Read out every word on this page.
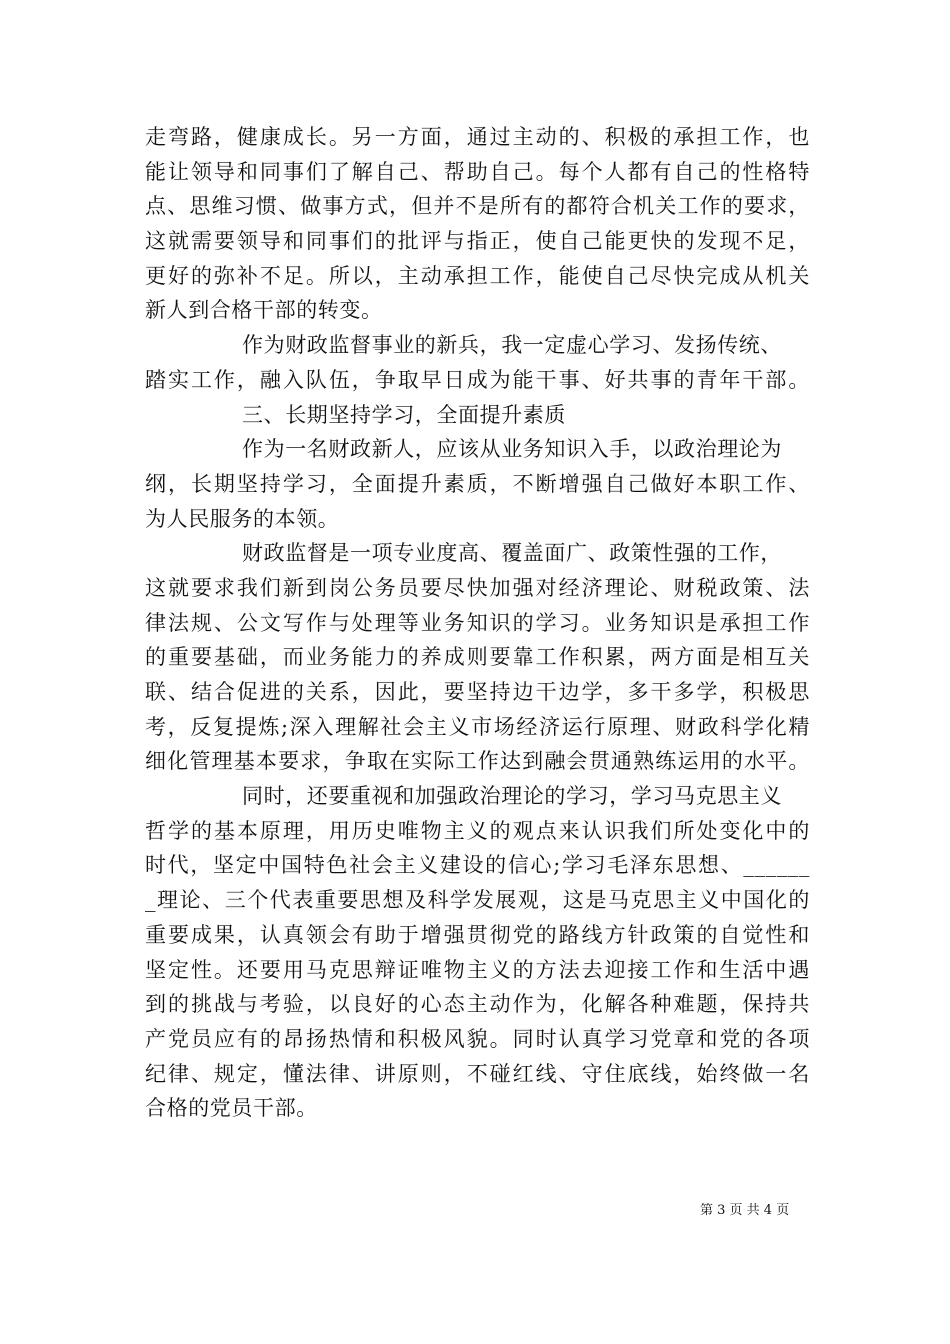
走弯路，健康成长。另一方面，通过主动的、积极的承担工作，也
能让领导和同事们了解自己、帮助自己。每个人都有自己的性格特
点、思维习惯、做事方式，但并不是所有的都符合机关工作的要求，
这就需要领导和同事们的批评与指正，使自己能更快的发现不足，
更好的弥补不足。所以，主动承担工作，能使自己尽快完成从机关
新人到合格干部的转变。
作为财政监督事业的新兵，我一定虚心学习、发扬传统、
踏实工作，融入队伍，争取早日成为能干事、好共事的青年干部。
三、长期坚持学习，全面提升素质
作为一名财政新人，应该从业务知识入手，以政治理论为
纲，长期坚持学习，全面提升素质，不断增强自己做好本职工作、
为人民服务的本领。
财政监督是一项专业度高、覆盖面广、政策性强的工作，
这就要求我们新到岗公务员要尽快加强对经济理论、财税政策、法
律法规、公文写作与处理等业务知识的学习。业务知识是承担工作
的重要基础，而业务能力的养成则要靠工作积累，两方面是相互关
联、结合促进的关系，因此，要坚持边干边学，多干多学，积极思
考，反复提炼;深入理解社会主义市场经济运行原理、财政科学化精
细化管理基本要求，争取在实际工作达到融会贯通熟练运用的水平。
同时，还要重视和加强政治理论的学习，学习马克思主义
哲学的基本原理，用历史唯物主义的观点来认识我们所处变化中的
时代，坚定中国特色社会主义建设的信心;学习毛泽东思想、______
_理论、三个代表重要思想及科学发展观，这是马克思主义中国化的
重要成果，认真领会有助于增强贯彻党的路线方针政策的自觉性和
坚定性。还要用马克思辩证唯物主义的方法去迎接工作和生活中遇
到的挑战与考验，以良好的心态主动作为，化解各种难题，保持共
产党员应有的昂扬热情和积极风貌。同时认真学习党章和党的各项
纪律、规定，懂法律、讲原则，不碰红线、守住底线，始终做一名
合格的党员干部。
第 3 页 共 4 页
